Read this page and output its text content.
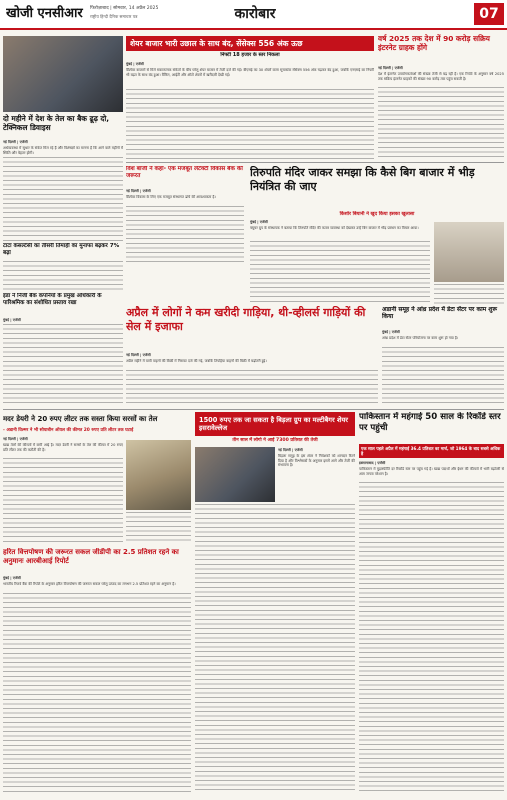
खोजी एनसीआर	फिरोज़ाबाद | सोमवार, 14 अप्रैल 2025
राष्ट्रीय हिन्दी दैनिक समाचार पत्र	कारोबार	07
दो महीने में देश के तेल का बैक ढूढ़ दो, टेक्निकल डिवाइस
नई दिल्ली | एजेंसी
अर्थव्यवस्था में सुधार के संकेत मिल रहे हैं और विशेषज्ञों का मानना है कि आने वाले महीनों में स्थिति और बेहतर होगी।
टाटा कंसल्टेंसी का तीसरी तिमाही का मुनाफा बढ़कर 7% बढ़ा
इंडा ने निजी बैंक कंपनियों के प्रमुख अधिकारी के पारिश्रमिक का संशोधित प्रस्ताव रखा
मुंबई | एजेंसी
शेयर बाजार भारी उछाल के साथ बंद, सेंसेक्स 556 अंक ऊछ
निफ्टी 18 हजार के स्तर निकला
मुंबई | एजेंसी
वैश्विक बाजारों से मिले सकारात्मक संकेतों के बीच घरेलू शेयर बाजार में तेजी दर्ज की गई। बीएसई का 30 शेयरों वाला सूचकांक सेंसेक्स 556 अंक चढ़कर बंद हुआ, जबकि एनएसई का निफ्टी भी बढ़त के साथ बंद हुआ। बैंकिंग, आईटी और ऑटो शेयरों में खरीदारी देखी गई।
वर्ष 2025 तक देश में 90 करोड़ सक्रिय इंटरनेट ग्राहक होंगे
नई दिल्ली | एजेंसी
देश में इंटरनेट उपयोगकर्ताओं की संख्या तेजी से बढ़ रही है। एक रिपोर्ट के अनुसार वर्ष 2025 तक सक्रिय इंटरनेट ग्राहकों की संख्या 90 करोड़ तक पहुंच सकती है।
विश बाजी ने कहा- एक मजबूत लेटेक्टी विकास बैंक की जरूरत
नई दिल्ली | एजेंसी
वैश्विक विकास के लिए एक मजबूत संस्थागत ढांचे की आवश्यकता है।
तिरुपति मंदिर जाकर समझा कि कैसे बिग बाजार में भीड़ नियंत्रित की जाए
किशोर बियानी ने खुद किया इसका खुलासा
मुंबई | एजेंसी
फ्यूचर ग्रुप के संस्थापक ने बताया कि तिरुपति मंदिर की कतार व्यवस्था को देखकर उन्हें बिग बाजार में भीड़ प्रबंधन का विचार आया।
अप्रैल में लोगों ने कम खरीदी गाड़िया, थी-व्हीलर्स गाड़ियों की सेल में इजाफा
नई दिल्ली | एजेंसी
अप्रैल महीने में यात्री वाहनों की बिक्री में गिरावट दर्ज की गई, जबकि तिपहिया वाहनों की बिक्री में बढ़ोतरी हुई।
अडानी समूह ने आंध्र प्रदेश में डेटा सेंटर पर काम शुरू किया
मुंबई | एजेंसी
आंध्र प्रदेश में डेटा सेंटर परियोजना पर काम शुरू हो गया है।
मदर डेयरी ने 20 रुपए लीटर तक सस्ता किया सरसों का तेल
- अडानी विल्मर ने भी सोयाबीन ऑयल की कीमत 20 रुपए प्रति लीटर तक घटाई
नई दिल्ली | एजेंसी
खाद्य तेलों की कीमतों में कमी आई है। मदर डेयरी ने सरसों के तेल की कीमत में 20 रुपए प्रति लीटर तक की कटौती की है।
1500 रुपए तक जा सकता है बिड़ला ग्रुप का मल्टीबैगर शेयर इसरावेल्लेज
तीन साल में लोगो ने आई 7300 प्रतिशत की तेजी
नई दिल्ली | एजेंसी
बिड़ला समूह के इस शेयर ने निवेशकों को शानदार रिटर्न दिया है और विश्लेषकों के अनुसार इसमें आगे और तेजी की संभावना है।
पाकिस्तान में महंगाई 50 साल के रिकॉर्ड स्तर पर पहुंची
एक साल पहले अप्रैल में महंगाई 36.4 प्रतिशत का मार्च, जो 1964 के बाद सबसे अधिक है
इस्लामाबाद | एजेंसी
पाकिस्तान में मुद्रास्फीति दर रिकॉर्ड स्तर पर पहुंच गई है। खाद्य पदार्थों और ईंधन की कीमतों में भारी बढ़ोतरी से आम जनता परेशान है।
हरित वित्तपोषण की जरूरत सकल जीडीपी का 2.5 प्रतिशत रहने का अनुमानः आरबीआई रिपोर्ट
मुंबई | एजेंसी
भारतीय रिजर्व बैंक की रिपोर्ट के अनुसार हरित वित्तपोषण की जरूरत सकल घरेलू उत्पाद का लगभग 2.5 प्रतिशत रहने का अनुमान है।
